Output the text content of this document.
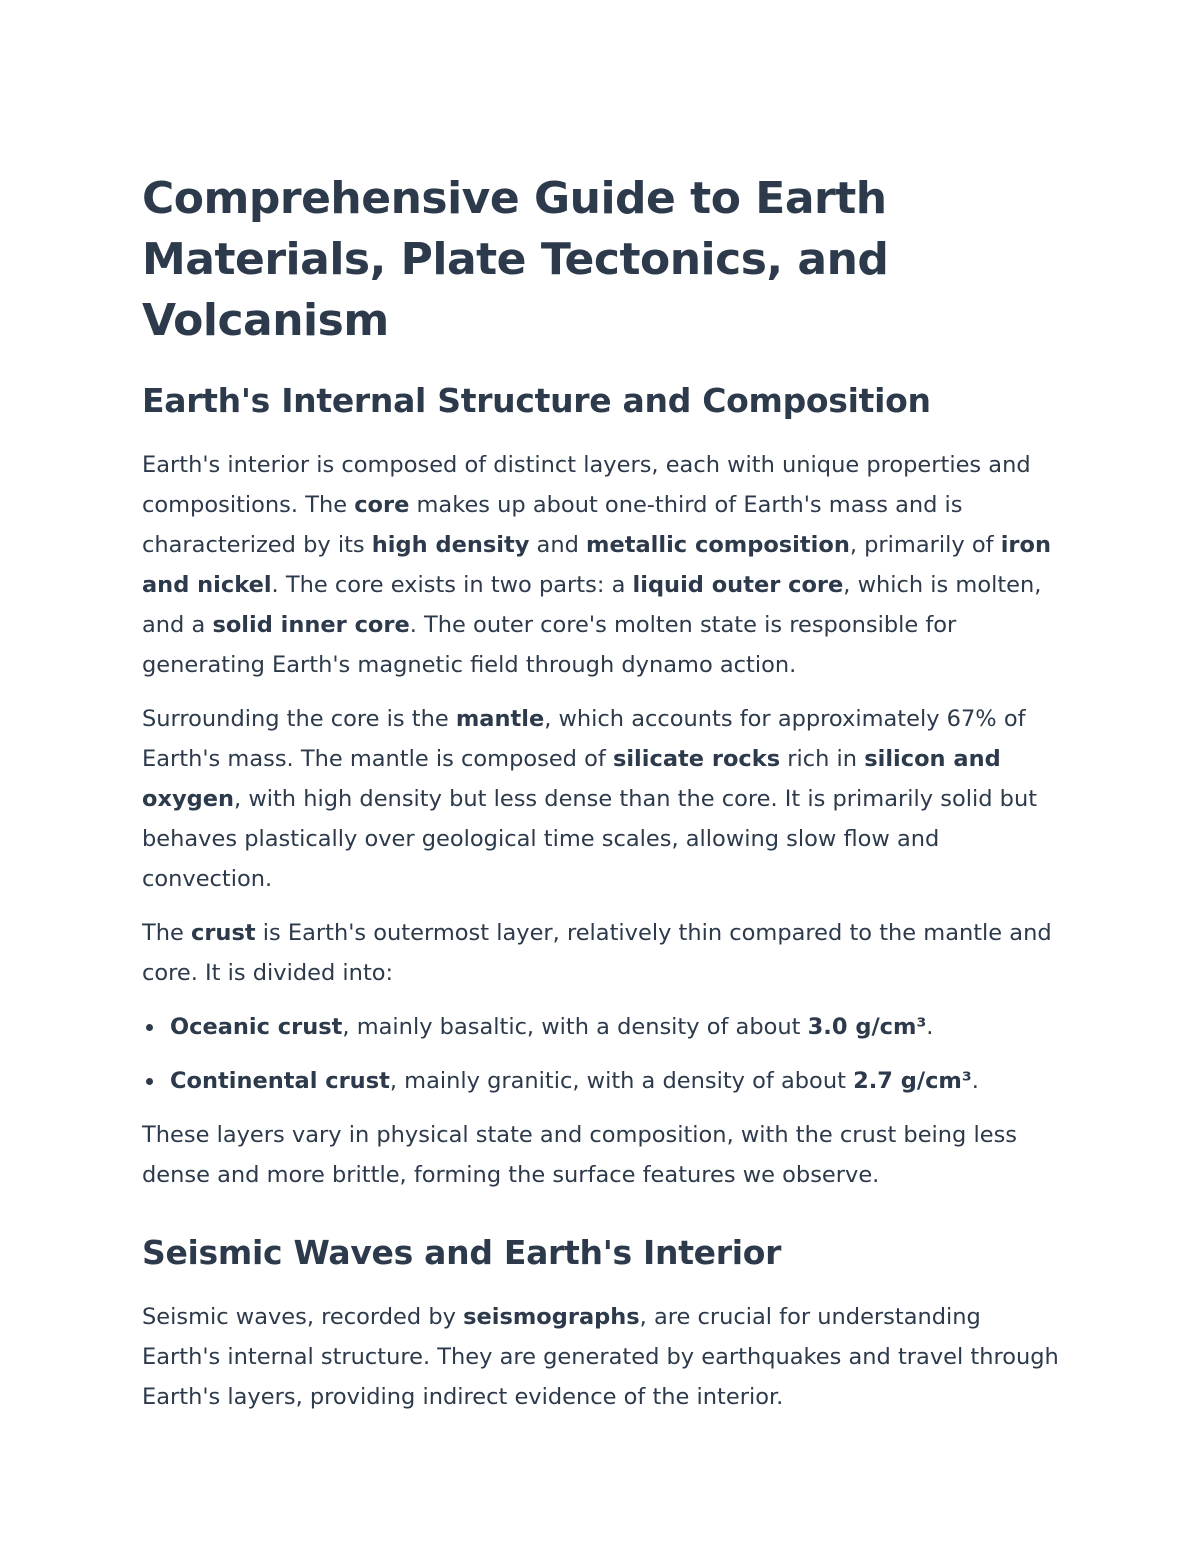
Comprehensive Guide to Earth Materials, Plate Tectonics, and Volcanism
Earth's Internal Structure and Composition

Earth's interior is composed of distinct layers, each with unique properties and compositions. The core makes up about one-third of Earth's mass and is characterized by its high density and metallic composition, primarily of iron and nickel. The core exists in two parts: a liquid outer core, which is molten, and a solid inner core. The outer core's molten state is responsible for generating Earth's magnetic field through dynamo action.

Surrounding the core is the mantle, which accounts for approximately 67% of Earth's mass. The mantle is composed of silicate rocks rich in silicon and oxygen, with high density but less dense than the core. It is primarily solid but behaves plastically over geological time scales, allowing slow flow and convection.

The crust is Earth's outermost layer, relatively thin compared to the mantle and core. It is divided into:

Oceanic crust, mainly basaltic, with a density of about 3.0 g/cm³.
Continental crust, mainly granitic, with a density of about 2.7 g/cm³.

These layers vary in physical state and composition, with the crust being less dense and more brittle, forming the surface features we observe.

Seismic Waves and Earth's Interior

Seismic waves, recorded by seismographs, are crucial for understanding Earth's internal structure. They are generated by earthquakes and travel through Earth's layers, providing indirect evidence of the interior.
